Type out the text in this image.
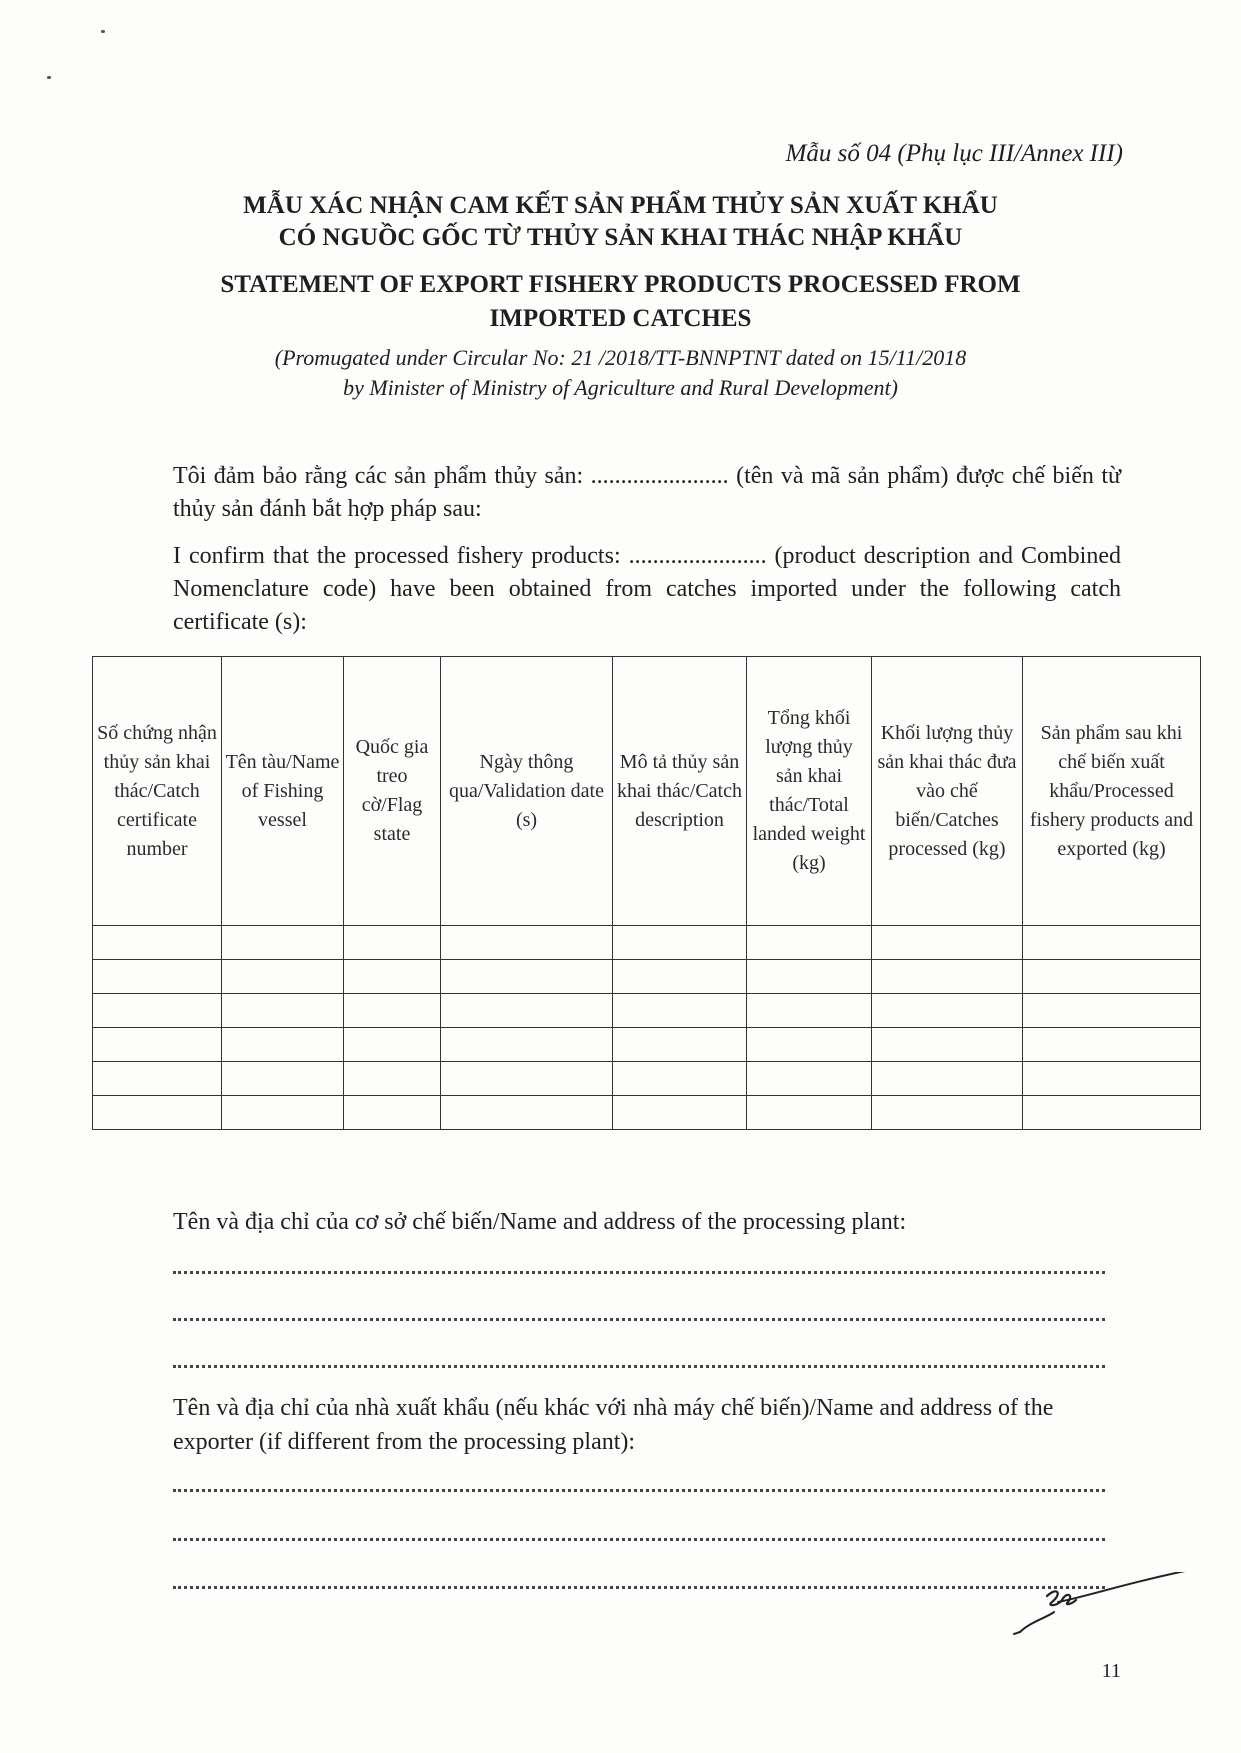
Mẫu số 04 (Phụ lục III/Annex III)
MẪU XÁC NHẬN CAM KẾT SẢN PHẨM THỦY SẢN XUẤT KHẨU
CÓ NGUỒC GỐC TỪ THỦY SẢN KHAI THÁC NHẬP KHẨU
STATEMENT OF EXPORT FISHERY PRODUCTS PROCESSED FROM
IMPORTED CATCHES
(Promugated under Circular No: 21 /2018/TT-BNNPTNT dated on 15/11/2018
by Minister of Ministry of Agriculture and Rural Development)
Tôi đảm bảo rằng các sản phẩm thủy sản: ....................... (tên và mã sản phẩm) được chế biến từ thủy sản đánh bắt hợp pháp sau:
I confirm that the processed fishery products: ....................... (product description and Combined Nomenclature code) have been obtained from catches imported under the following catch certificate (s):
Số chứng nhận thủy sản khai thác/Catch certificate number	Tên tàu/Name of Fishing vessel	Quốc gia treo cờ/Flag state	Ngày thông qua/Validation date (s)	Mô tả thủy sản khai thác/Catch description	Tổng khối lượng thủy sản khai thác/Total landed weight (kg)	Khối lượng thủy sản khai thác đưa vào chế biến/Catches processed (kg)	Sản phẩm sau khi chế biến xuất khẩu/Processed fishery products and exported (kg)

Tên và địa chỉ của cơ sở chế biến/Name and address of the processing plant:
Tên và địa chỉ của nhà xuất khẩu (nếu khác với nhà máy chế biến)/Name and address of the exporter (if different from the processing plant):
11
